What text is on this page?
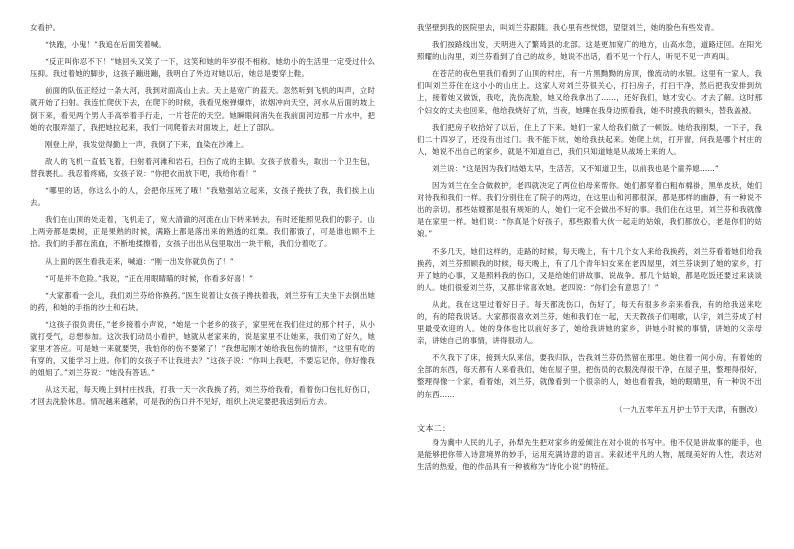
女看护。

“快跑，小鬼！”我追在后面笑着喊。

“反正叫你忍不下！”她回头又笑了一下，这笑和她的年岁很不相称。她幼小的生活里一定受过什么压抑。我过着她的脚步，这孩子蹦进蹦，我明白了外边对她以后，她总是要穿上鞋。

前面的队伍正经过一条大河，我到对面高山上去。天上是宽广的蓝天。忽然听到飞机的叫声，立时就开始了扫射。我连忙爬伏下去，在爬下的时候，我看见炮弹爆炸，浓烟冲向天空，河水从后面的坡上倒下来，看见两个男人手高举着手行走，一片苍茫的天空。她瞬眼间消失在我前面河边那一片水中，把她的衣服弄湿了，我把她拉起来，我们一同爬着去对面坡上，赶上了部队。

刚登上岸，我发觉得勤上一声，我倒了下来，血染在沙滩上。

敌人的飞机一直低飞着，扫射着河滩和岩石，扫伤了成的主脚。女孩子放着头，取出一个卫生包，替我裹扎。我忍着疼痛，女孩子说：“你把衣而放下吧，我给你看！”

“哪里的话，你这么小的人，会把你压死了哦！”我勉强站立起来，女孩子挽扶了我，我们挨上山去。

我们在山顶的处走着，飞机走了，宽大清澈的河流在山下转来转去，有时还能照见我们的影子。山上两旁都是栗树，正是果熟的时候，满路上都是落出来的熟透的红栗。我们都饿了，可是谁也顾不上拾。我们的手都在流血，不断地揉擦着，女孩子出出从包里取出一块干粮，我们分着吃了。

从上面的医生看我走来，喊道：“刚一出发你就负伤了！”

“可是并不危险。”我说，“正在用眼睛瞄的时候，你看多好喜！”

“大家都看一会儿，我们刘兰芬给你换药。”医生说着让女孩子搀扶着我，刘兰芬有工夫坐下去倒出她的药，和她的手指的沙土和石块。

“这孩子很负责任，”老乡接着小声说，“她是一个老乡的孩子，家里死在我们住过的那个村子，从小就打受气，总想参加。这次我们动员小看护，她就从老家来的，说是家里不让她来，我们劝了好久，她家里才答应。可是她一来就要哭，我怕你的伤不要紧了！”我想起刚才她给我包伤的情形，“这里有吃的有穿的，又能学习上进。你们的女孩子不让我进去？”这孩子说：“你叫上我吧，不要忘记你，你好像我的姐姐了。”刘兰芬说：“她没有答话。”

从这天起，每天晚上到村庄找我，打我一天一次我换了药，刘兰芬给我看，看着伤口包扎好伤口，才回去洗脸休息。情况越来越紧，可是我的伤口并不见好，组织上决定要把我送到后方去。

我坚壁到我的医院里去，叫刘兰芬跟随。我心里有些恍惚，望望刘兰，她的脸色有些发青。

我们按路线出发，天明进入了繁琦县的北部。这是更加宽广的地方，山高水急，道路迂回。在阳光照耀的山沟里，刘兰芬看到了自己的故乡，她说不出话，看不见一个行人，听见不见一声鸡叫。

在苍茫的夜色里我们看到了山顶的村庄，有一片黑黝黝的房顶，像流动的水银。这里有一家人，我们叫刘兰芬住在这小小的山庄上。这家人对刘兰芬很关心，打扫房子，打扫干净，然后把我安排到炕上，接着她又做饭，我吃，洗伤洗脸，她又给我拿出了……，还好我们，她才安心。才去了解。这时那个妇女的丈夫也回来，他给我烧好了炕，当夜，她睡在我身边照看我，她不时摸我的额头，替我盖被。

我们把房子收拾好了以后，住上了下来。她们一家人给我们做了一顿饭。她给我削梨，一下子，我们二十四岁了，还没有出过门。我不能下炕，她给我扶起来。她爬上炕，打开窗，问我是哪个村庄的人，她说不出自己的家乡，就是不知道自己，我们只知道她是从战场上来的人。

刘兰说：“这是因为我们结婚太早，生活苦，又不知道卫生，以前我也是个童养媳……”

因为刘兰在全合做救护，老四就决定了两位伯母来帮你。她们都穿着白粗布棉褂，黑单皮袄，她们对待我和我们一样。我们分别住在了院子的两边，在这里山和河都很深，都是那样的幽静，有一种说不出的亲切。那些姑嫂都是很有规矩的人，她们一定不会做出不好的事。我们住在这里，刘兰芬和我就像是在家里一样。她们说：“你真是个好孩子，那些跟着大伙一起走的姑娘，我们都放心，老是你们的姑娘。”

不多几天，她们这样的，走路的时候，每天晚上，有十几个女人来给我换药，刘兰芬看着她们给我换药，刘兰芬照顾我的时候，每天晚上，有了几个青年妇女来在老四屋里，刘兰芬谈到了她的家乡，打开了她的心事，又是照料我的伤口，又是给她们讲故事、说战争。那几个姑娘，都是吃饭还要过来谈谈的人。她们很爱刘兰芬，又都非常喜欢她。老四说：“你们会有意思了！”

从此，我在这里过着好日子。每天都洗伤口，伤好了，每天有很多乡亲来看我，有的给我送来吃的，有的陪我说话。大家都很喜欢刘兰芬，她和我们在一起，天天教孩子们唱歌，认字，刘兰芬成了村里最受欢迎的人。她的身体也比以前好多了，她给我讲她的家乡，讲她小时候的事情，讲她的父亲母亲，讲她自己的事情，讲得很动人。

不久我下了床，接到大队来信，要我归队，告我刘兰芬仍然留在那里。她住着一间小房，有着她的全部的东西，每天都有人来看我们，她在屋子里，把伤员的衣服洗得很干净，在屋子里，整理得很好，整理得像一个家，看着她，刘兰芬，就像看到一个很亲的人，她也看着我，她的眼睛里，有一种说不出的东西……

（一九五零年五月护士节于天津，有删改）

文本二：

身为冀中人民的儿子，孙犁先生把对家乡的爱倾注在对小说的书写中。他不仅是讲故事的能手，也是能够把你带入诗意境界的妙手，运用充满诗意的语言。来叙述平凡的人物，展现美好的人性，表达对生活的热爱，他的作品具有一种被称为“诗化小说”的特征。
